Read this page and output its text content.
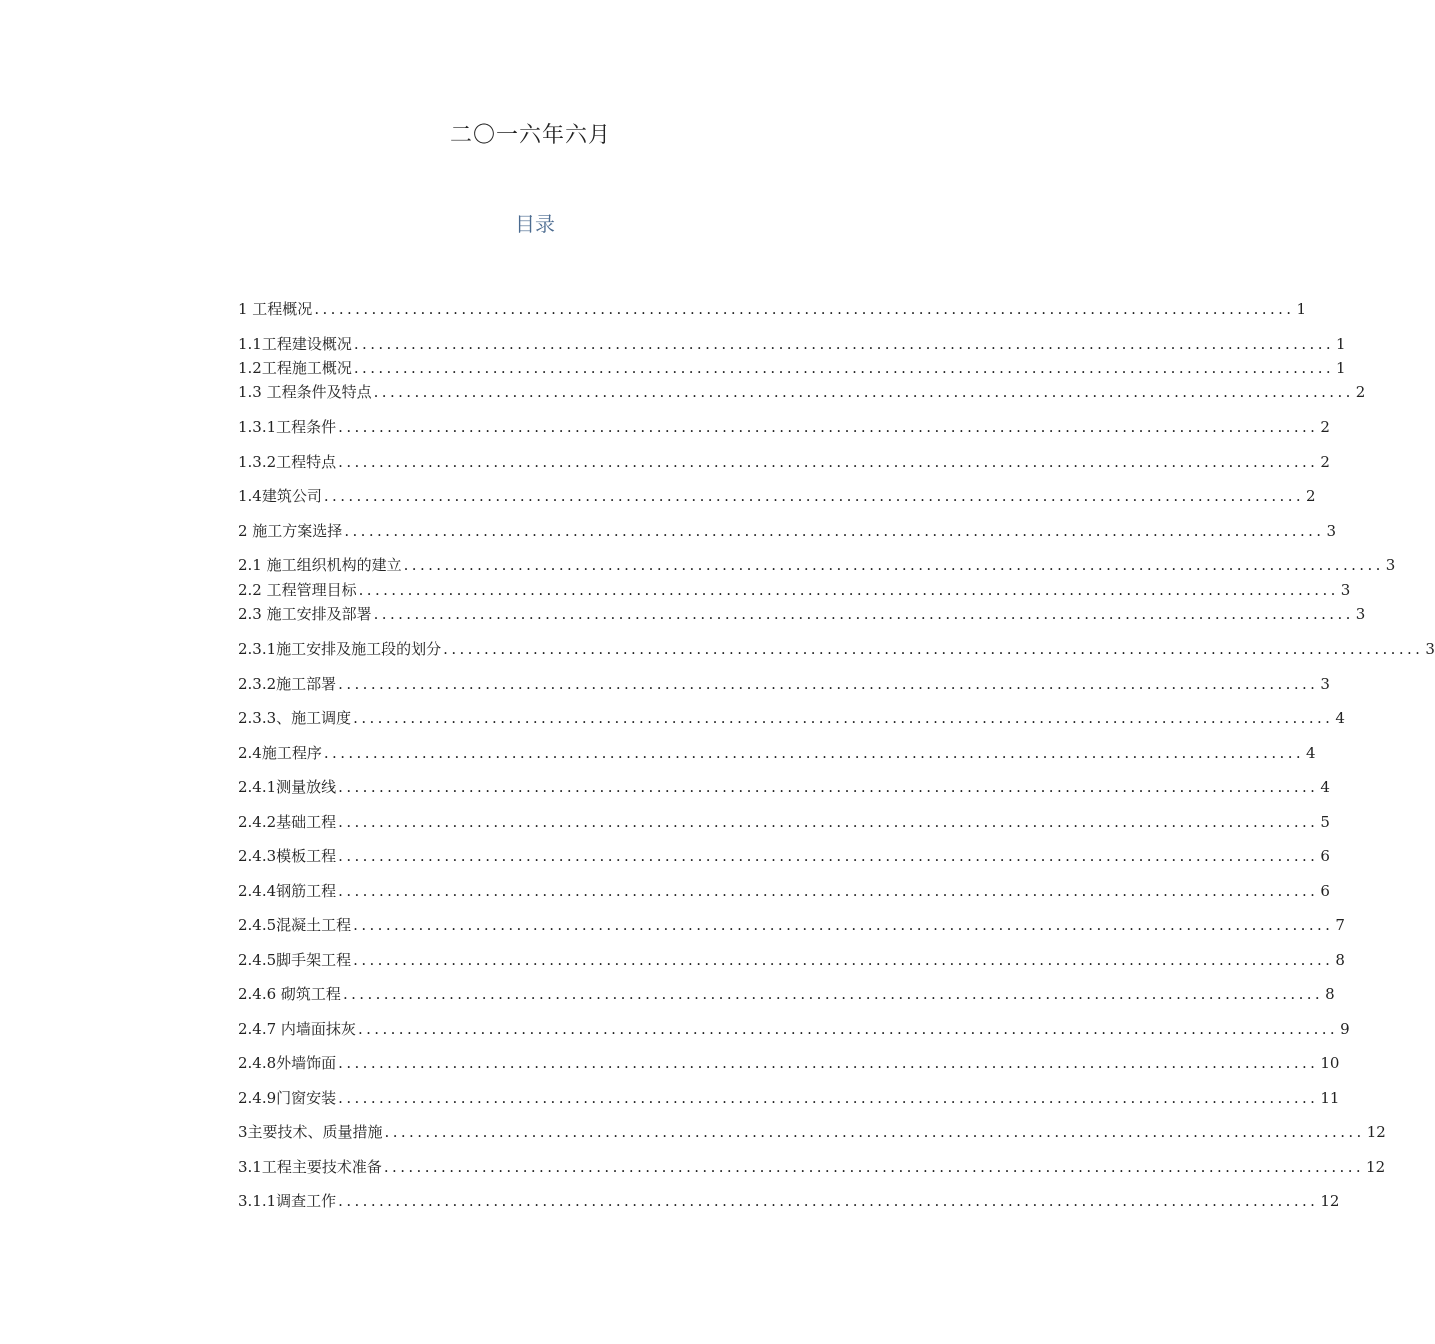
二〇一六年六月
目录
1 工程概况 ........................................................................................................................ 1
1.1工程建设概况 ........................................................................................................................ 1
1.2工程施工概况 ........................................................................................................................ 1
1.3 工程条件及特点 ........................................................................................................................ 2
1.3.1工程条件 ........................................................................................................................ 2
1.3.2工程特点 ........................................................................................................................ 2
1.4建筑公司 ........................................................................................................................ 2
2 施工方案选择 ........................................................................................................................ 3
2.1 施工组织机构的建立 ........................................................................................................................ 3
2.2 工程管理目标 ........................................................................................................................ 3
2.3 施工安排及部署 ........................................................................................................................ 3
2.3.1施工安排及施工段的划分 ........................................................................................................................ 3
2.3.2施工部署 ........................................................................................................................ 3
2.3.3、施工调度 ........................................................................................................................ 4
2.4施工程序 ........................................................................................................................ 4
2.4.1测量放线 ........................................................................................................................ 4
2.4.2基础工程 ........................................................................................................................ 5
2.4.3模板工程 ........................................................................................................................ 6
2.4.4钢筋工程 ........................................................................................................................ 6
2.4.5混凝土工程 ........................................................................................................................ 7
2.4.5脚手架工程 ........................................................................................................................ 8
2.4.6 砌筑工程 ........................................................................................................................ 8
2.4.7 内墙面抹灰 ........................................................................................................................ 9
2.4.8外墙饰面 ........................................................................................................................ 10
2.4.9门窗安装 ........................................................................................................................ 11
3主要技术、质量措施 ........................................................................................................................ 12
3.1工程主要技术准备 ........................................................................................................................ 12
3.1.1调查工作 ........................................................................................................................ 12
